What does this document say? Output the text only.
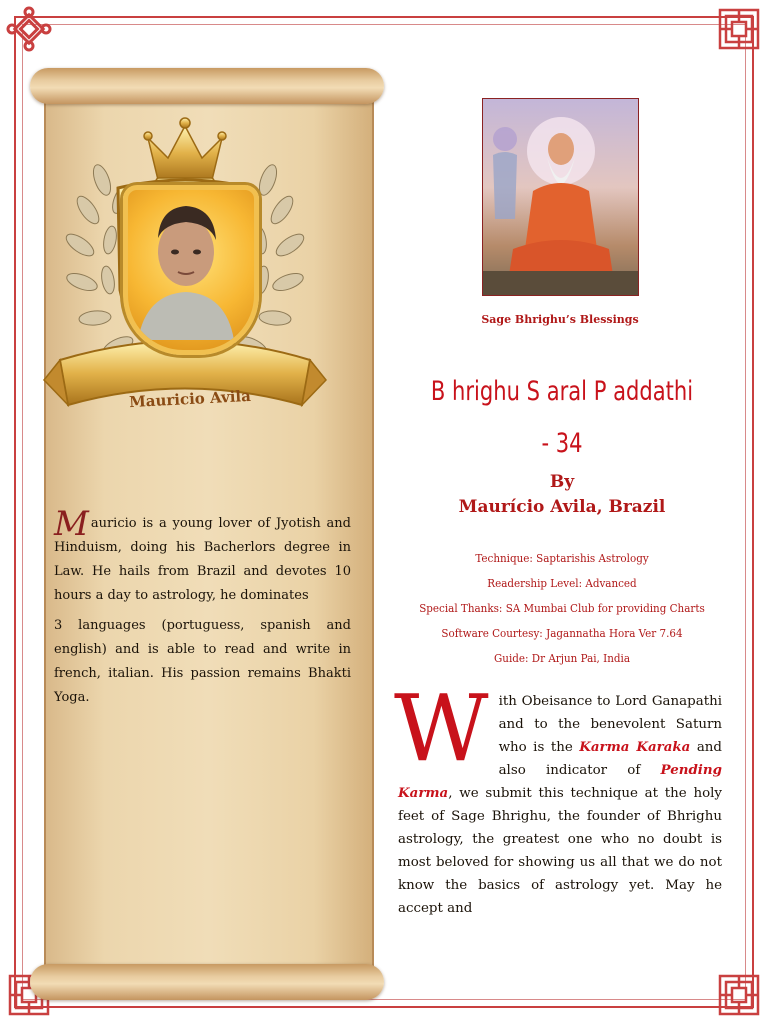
Mauricio Avila

Mauricio is a young lover of Jyotish and Hinduism, doing his Bacherlors degree in Law. He hails from Brazil and devotes 10 hours a day to astrology, he dominates

3 languages (portuguess, spanish and english) and is able to read and write in french, italian. His passion remains Bhakti Yoga.

Sage Bhrighu’s Blessings
B hrighu S aral P addathi
- 34
By
Maurício Avila, Brazil
Technique: Saptarishis Astrology
Readership Level: Advanced
Special Thanks: SA Mumbai Club for providing Charts
Software Courtesy: Jagannatha Hora Ver 7.64
Guide: Dr Arjun Pai, India
With Obeisance to Lord Ganapathi and to the benevolent Saturn who is the Karma Karaka and also indicator of Pending Karma, we submit this technique at the holy feet of Sage Bhrighu, the founder of Bhrighu astrology, the greatest one who no doubt is most beloved for showing us all that we do not know the basics of astrology yet. May he accept and
